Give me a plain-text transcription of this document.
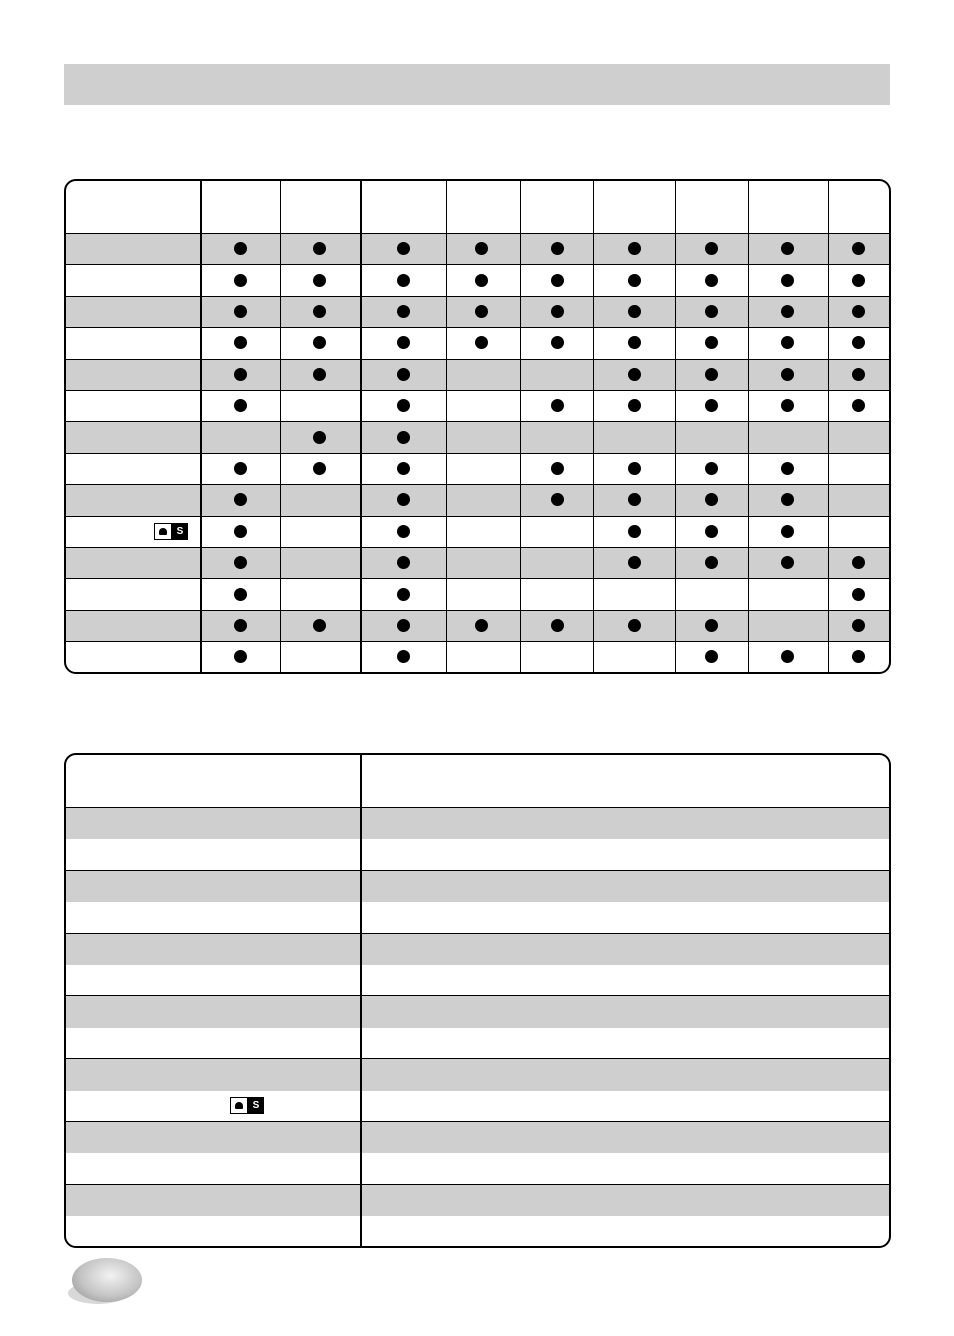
S
S
